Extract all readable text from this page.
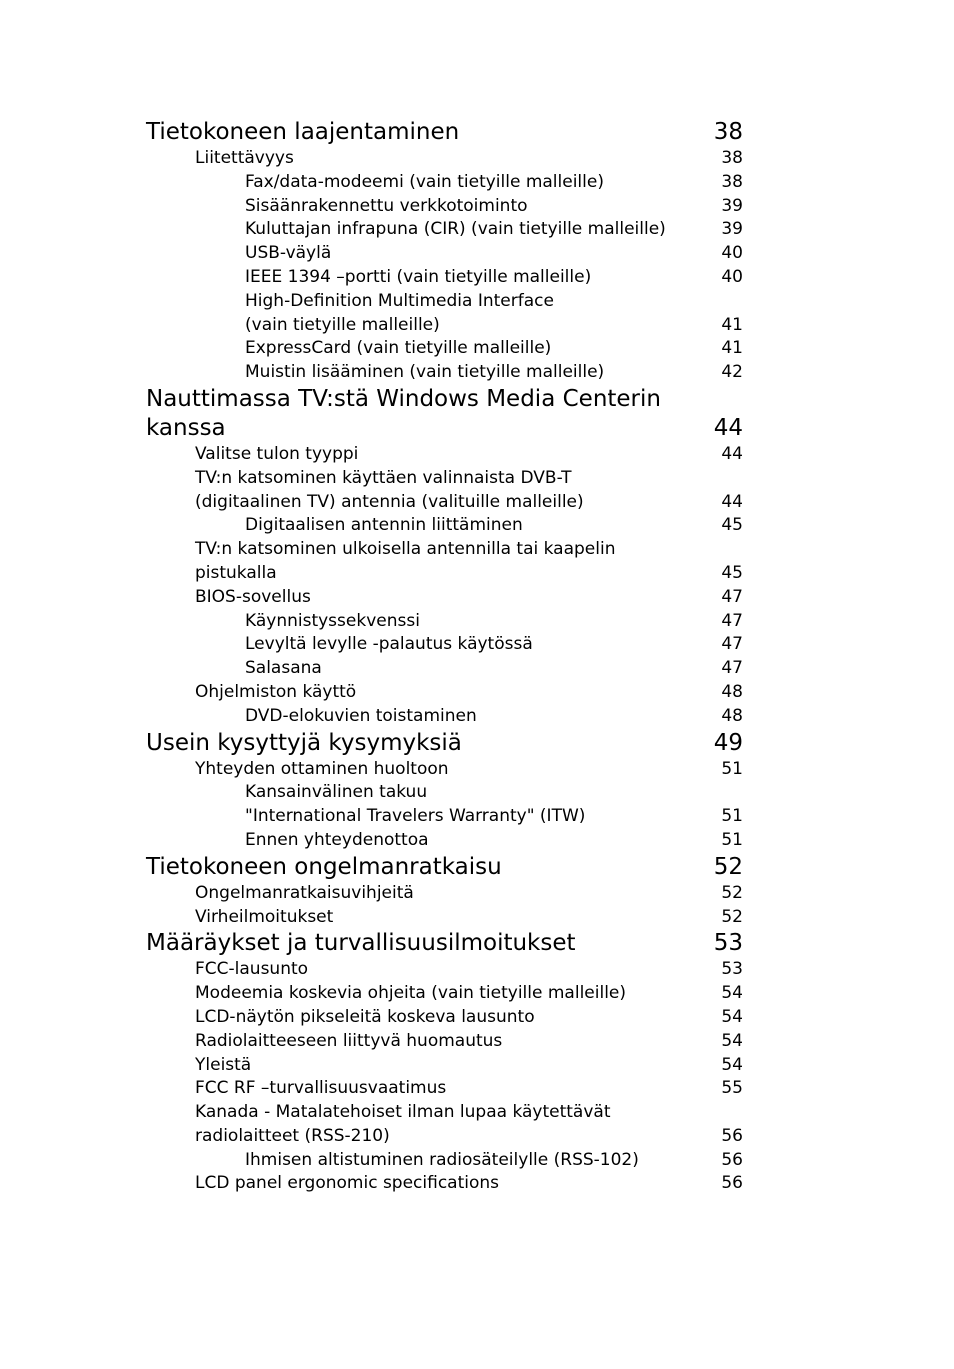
Tietokoneen laajentaminen	38
Liitettävyys	38
Fax/data-modeemi (vain tietyille malleille)	38
Sisäänrakennettu verkkotoiminto	39
Kuluttajan infrapuna (CIR) (vain tietyille malleille)	39
USB-väylä	40
IEEE 1394 –portti (vain tietyille malleille)	40
High-Definition Multimedia Interface
(vain tietyille malleille)	41
ExpressCard (vain tietyille malleille)	41
Muistin lisääminen (vain tietyille malleille)	42
Nauttimassa TV:stä Windows Media Centerin
kanssa	44
Valitse tulon tyyppi	44
TV:n katsominen käyttäen valinnaista DVB-T
(digitaalinen TV) antennia (valituille malleille)	44
Digitaalisen antennin liittäminen	45
TV:n katsominen ulkoisella antennilla tai kaapelin
pistukalla	45
BIOS-sovellus	47
Käynnistyssekvenssi	47
Levyltä levylle -palautus käytössä	47
Salasana	47
Ohjelmiston käyttö	48
DVD-elokuvien toistaminen	48
Usein kysyttyjä kysymyksiä	49
Yhteyden ottaminen huoltoon	51
Kansainvälinen takuu
"International Travelers Warranty" (ITW)	51
Ennen yhteydenottoa	51
Tietokoneen ongelmanratkaisu	52
Ongelmanratkaisuvihjeitä	52
Virheilmoitukset	52
Määräykset ja turvallisuusilmoitukset	53
FCC-lausunto	53
Modeemia koskevia ohjeita (vain tietyille malleille)	54
LCD-näytön pikseleitä koskeva lausunto	54
Radiolaitteeseen liittyvä huomautus	54
Yleistä	54
FCC RF –turvallisuusvaatimus	55
Kanada - Matalatehoiset ilman lupaa käytettävät
radiolaitteet (RSS-210)	56
Ihmisen altistuminen radiosäteilylle (RSS-102)	56
LCD panel ergonomic specifications	56
